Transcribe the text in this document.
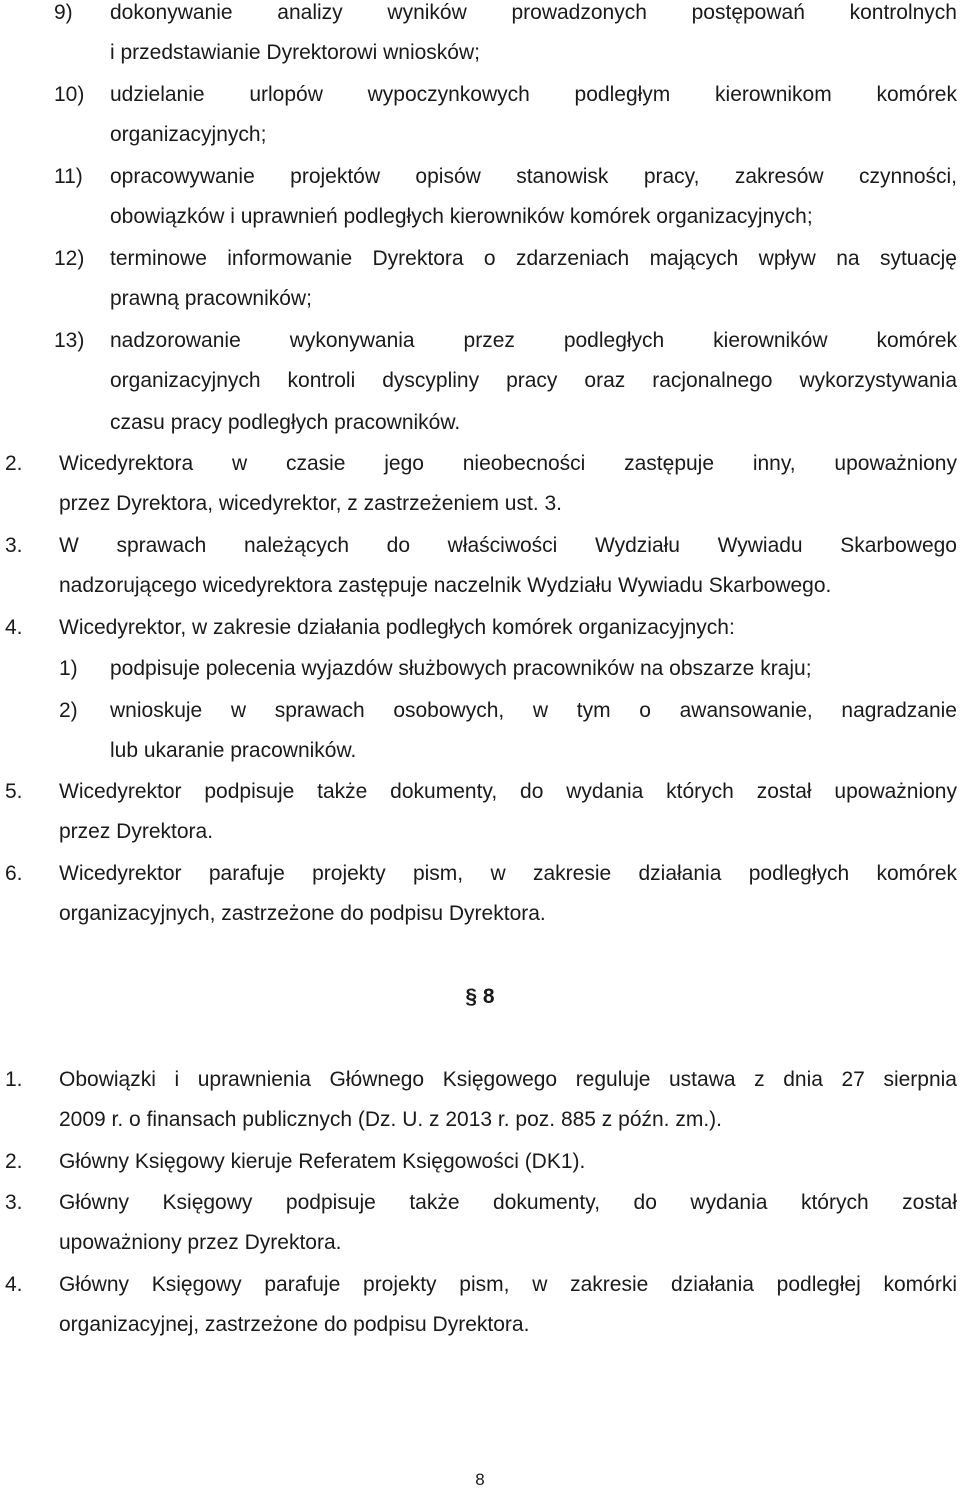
9) dokonywanie analizy wyników prowadzonych postępowań kontrolnych
i przedstawianie Dyrektorowi wniosków;
10) udzielanie urlopów wypoczynkowych podległym kierownikom komórek
organizacyjnych;
11) opracowywanie projektów opisów stanowisk pracy, zakresów czynności,
obowiązków i uprawnień podległych kierowników komórek organizacyjnych;
12) terminowe informowanie Dyrektora o zdarzeniach mających wpływ na sytuację
prawną pracowników;
13) nadzorowanie wykonywania przez podległych kierowników komórek
organizacyjnych kontroli dyscypliny pracy oraz racjonalnego wykorzystywania
czasu pracy podległych pracowników.
2. Wicedyrektora w czasie jego nieobecności zastępuje inny, upoważniony
przez Dyrektora, wicedyrektor, z zastrzeżeniem ust. 3.
3. W sprawach należących do właściwości Wydziału Wywiadu Skarbowego
nadzorującego wicedyrektora zastępuje naczelnik Wydziału Wywiadu Skarbowego.
4. Wicedyrektor, w zakresie działania podległych komórek organizacyjnych:
1) podpisuje polecenia wyjazdów służbowych pracowników na obszarze kraju;
2) wnioskuje w sprawach osobowych, w tym o awansowanie, nagradzanie
lub ukaranie pracowników.
5. Wicedyrektor podpisuje także dokumenty, do wydania których został upoważniony
przez Dyrektora.
6. Wicedyrektor parafuje projekty pism, w zakresie działania podległych komórek
organizacyjnych, zastrzeżone do podpisu Dyrektora.
1. Obowiązki i uprawnienia Głównego Księgowego reguluje ustawa z dnia 27 sierpnia
2009 r. o finansach publicznych (Dz. U. z 2013 r. poz. 885 z późn. zm.).
2. Główny Księgowy kieruje Referatem Księgowości (DK1).
3. Główny Księgowy podpisuje także dokumenty, do wydania których został
upoważniony przez Dyrektora.
4. Główny Księgowy parafuje projekty pism, w zakresie działania podległej komórki
organizacyjnej, zastrzeżone do podpisu Dyrektora.
§ 8
8
